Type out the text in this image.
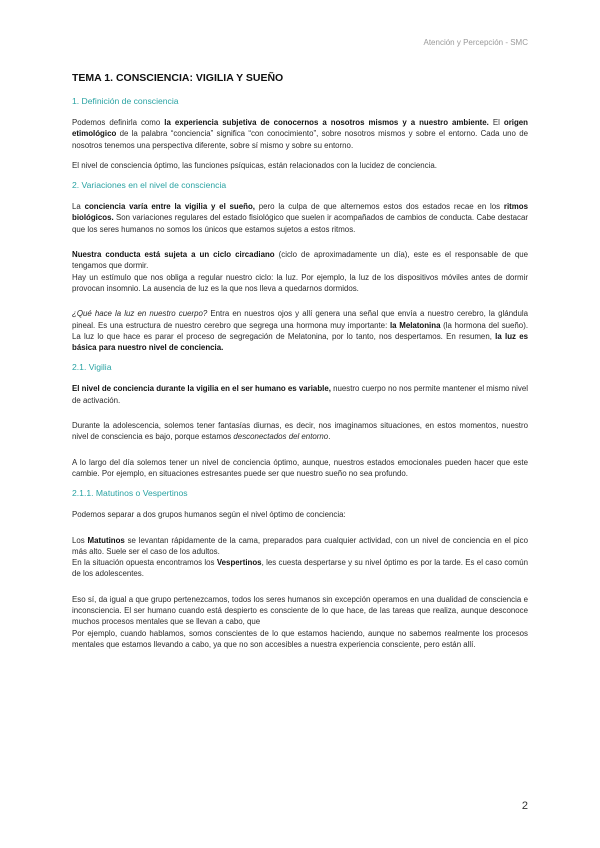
Atención y Percepción - SMC
TEMA 1. CONSCIENCIA: VIGILIA Y SUEÑO
1. Definición de consciencia

Podemos definirla como la experiencia subjetiva de conocernos a nosotros mismos y a nuestro ambiente. El origen etimológico de la palabra “conciencia” significa “con conocimiento”, sobre nosotros mismos y sobre el entorno. Cada uno de nosotros tenemos una perspectiva diferente, sobre sí mismo y sobre su entorno.

El nivel de consciencia óptimo, las funciones psíquicas, están relacionados con la lucidez de conciencia.

2. Variaciones en el nivel de consciencia

La conciencia varía entre la vigilia y el sueño, pero la culpa de que alternemos estos dos estados recae en los ritmos biológicos. Son variaciones regulares del estado fisiológico que suelen ir acompañados de cambios de conducta. Cabe destacar que los seres humanos no somos los únicos que estamos sujetos a estos ritmos.

Nuestra conducta está sujeta a un ciclo circadiano (ciclo de aproximadamente un día), este es el responsable de que tengamos que dormir.
Hay un estímulo que nos obliga a regular nuestro ciclo: la luz. Por ejemplo, la luz de los dispositivos móviles antes de dormir provocan insomnio. La ausencia de luz es la que nos lleva a quedarnos dormidos.

¿Qué hace la luz en nuestro cuerpo? Entra en nuestros ojos y allí genera una señal que envía a nuestro cerebro, la glándula pineal. Es una estructura de nuestro cerebro que segrega una hormona muy importante: la Melatonina (la hormona del sueño). La luz lo que hace es parar el proceso de segregación de Melatonina, por lo tanto, nos despertamos. En resumen, la luz es básica para nuestro nivel de conciencia.

2.1. Vigilia

El nivel de conciencia durante la vigilia en el ser humano es variable, nuestro cuerpo no nos permite mantener el mismo nivel de activación.

Durante la adolescencia, solemos tener fantasías diurnas, es decir, nos imaginamos situaciones, en estos momentos, nuestro nivel de consciencia es bajo, porque estamos desconectados del entorno.

A lo largo del día solemos tener un nivel de conciencia óptimo, aunque, nuestros estados emocionales pueden hacer que este cambie. Por ejemplo, en situaciones estresantes puede ser que nuestro sueño no sea profundo.

2.1.1. Matutinos o Vespertinos

Podemos separar a dos grupos humanos según el nivel óptimo de conciencia:

Los Matutinos se levantan rápidamente de la cama, preparados para cualquier actividad, con un nivel de conciencia en el pico más alto. Suele ser el caso de los adultos.
En la situación opuesta encontramos los Vespertinos, les cuesta despertarse y su nivel óptimo es por la tarde. Es el caso común de los adolescentes.

Eso sí, da igual a que grupo pertenezcamos, todos los seres humanos sin excepción operamos en una dualidad de consciencia e inconsciencia. El ser humano cuando está despierto es consciente de lo que hace, de las tareas que realiza, aunque desconoce muchos procesos mentales que se llevan a cabo, que
Por ejemplo, cuando hablamos, somos conscientes de lo que estamos haciendo, aunque no sabemos realmente los procesos mentales que estamos llevando a cabo, ya que no son accesibles a nuestra experiencia consciente, pero están allí.

2
